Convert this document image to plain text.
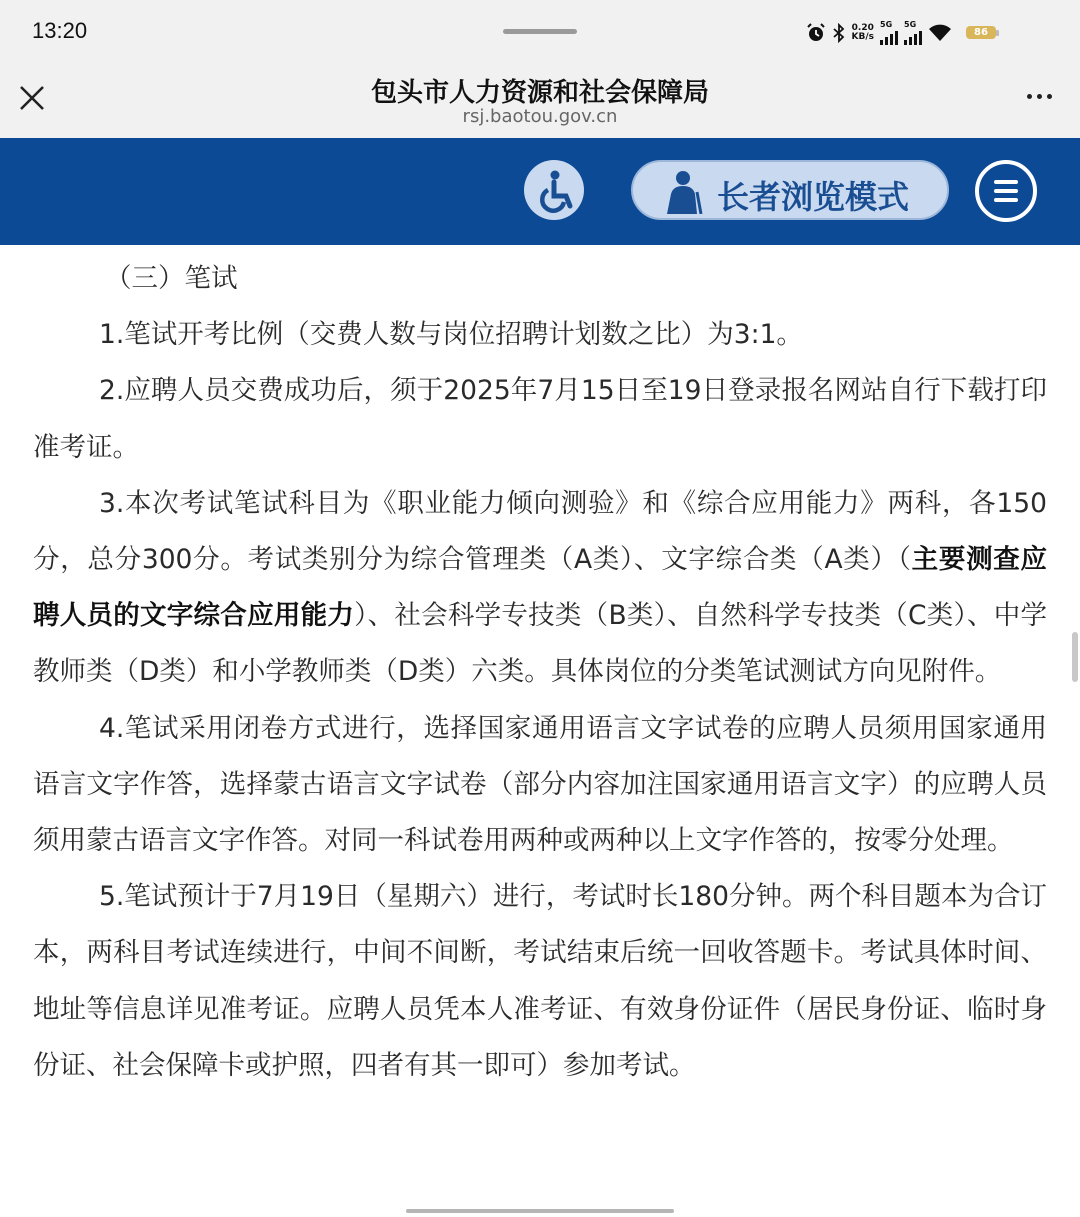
13:20	0.20
KB/s
5G 5G
86
包头市人力资源和社会保障局
rsj.baotou.gov.cn
长者浏览模式

（三）笔试

1.笔试开考比例（交费人数与岗位招聘计划数之比）为3:1。

2.应聘人员交费成功后，须于2025年7月15日至19日登录报名网站自行下载打印准考证。

3.本次考试笔试科目为《职业能力倾向测验》和《综合应用能力》两科，各150分，总分300分。考试类别分为综合管理类（A类）、文字综合类（A类）（主要测查应聘人员的文字综合应用能力）、社会科学专技类（B类）、自然科学专技类（C类）、中学教师类（D类）和小学教师类（D类）六类。具体岗位的分类笔试测试方向见附件。

4.笔试采用闭卷方式进行，选择国家通用语言文字试卷的应聘人员须用国家通用语言文字作答，选择蒙古语言文字试卷（部分内容加注国家通用语言文字）的应聘人员须用蒙古语言文字作答。对同一科试卷用两种或两种以上文字作答的，按零分处理。

5.笔试预计于7月19日（星期六）进行，考试时长180分钟。两个科目题本为合订本，两科目考试连续进行，中间不间断，考试结束后统一回收答题卡。考试具体时间、地址等信息详见准考证。应聘人员凭本人准考证、有效身份证件（居民身份证、临时身份证、社会保障卡或护照，四者有其一即可）参加考试。
